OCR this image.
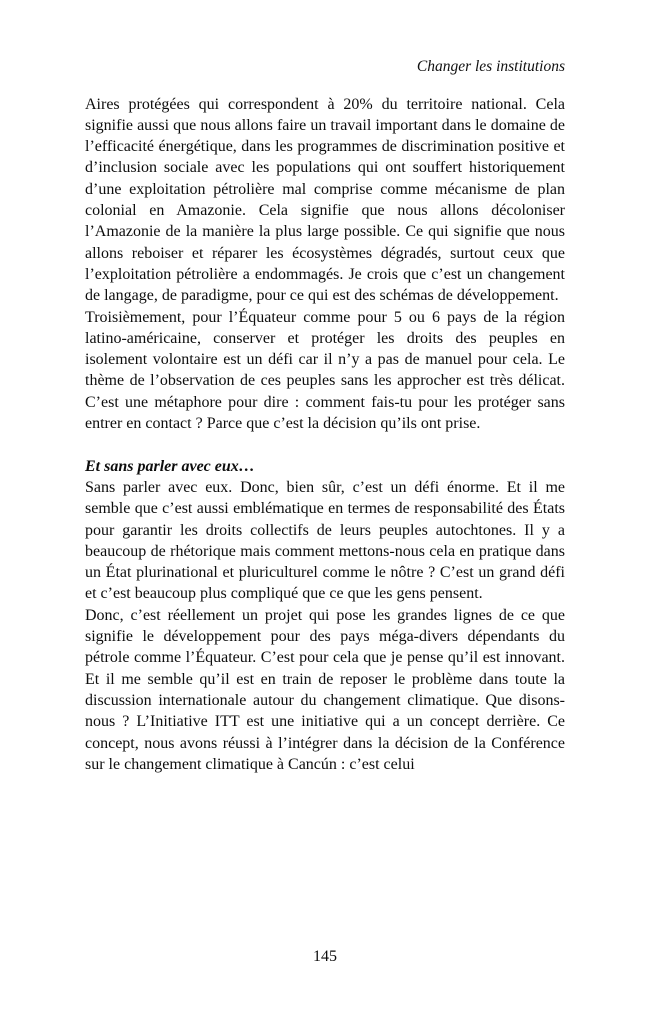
Changer les institutions

Aires protégées qui correspondent à 20% du territoire national. Cela signifie aussi que nous allons faire un travail important dans le domaine de l’efficacité énergétique, dans les programmes de discrimination positive et d’inclusion sociale avec les populations qui ont souffert historiquement d’une exploitation pétrolière mal comprise comme mécanisme de plan colonial en Amazonie. Cela signifie que nous allons décoloniser l’Amazonie de la manière la plus large possible. Ce qui signifie que nous allons reboiser et réparer les écosystèmes dégradés, surtout ceux que l’exploitation pétrolière a endommagés. Je crois que c’est un changement de langage, de paradigme, pour ce qui est des schémas de développement.

Troisièmement, pour l’Équateur comme pour 5 ou 6 pays de la région latino-américaine, conserver et protéger les droits des peuples en isolement volontaire est un défi car il n’y a pas de manuel pour cela. Le thème de l’observation de ces peuples sans les approcher est très délicat. C’est une métaphore pour dire : comment fais-tu pour les protéger sans entrer en contact ? Parce que c’est la décision qu’ils ont prise.

Et sans parler avec eux…

Sans parler avec eux. Donc, bien sûr, c’est un défi énorme. Et il me semble que c’est aussi emblématique en termes de responsabilité des États pour garantir les droits collectifs de leurs peuples autochtones. Il y a beaucoup de rhétorique mais comment mettons-nous cela en pratique dans un État plurinational et pluriculturel comme le nôtre ? C’est un grand défi et c’est beaucoup plus compliqué que ce que les gens pensent.

Donc, c’est réellement un projet qui pose les grandes lignes de ce que signifie le développement pour des pays méga-divers dépendants du pétrole comme l’Équateur. C’est pour cela que je pense qu’il est innovant. Et il me semble qu’il est en train de reposer le problème dans toute la discussion internationale autour du changement climatique. Que disons-nous ? L’Initiative ITT est une initiative qui a un concept derrière. Ce concept, nous avons réussi à l’intégrer dans la décision de la Conférence sur le changement climatique à Cancún : c’est celui

145
